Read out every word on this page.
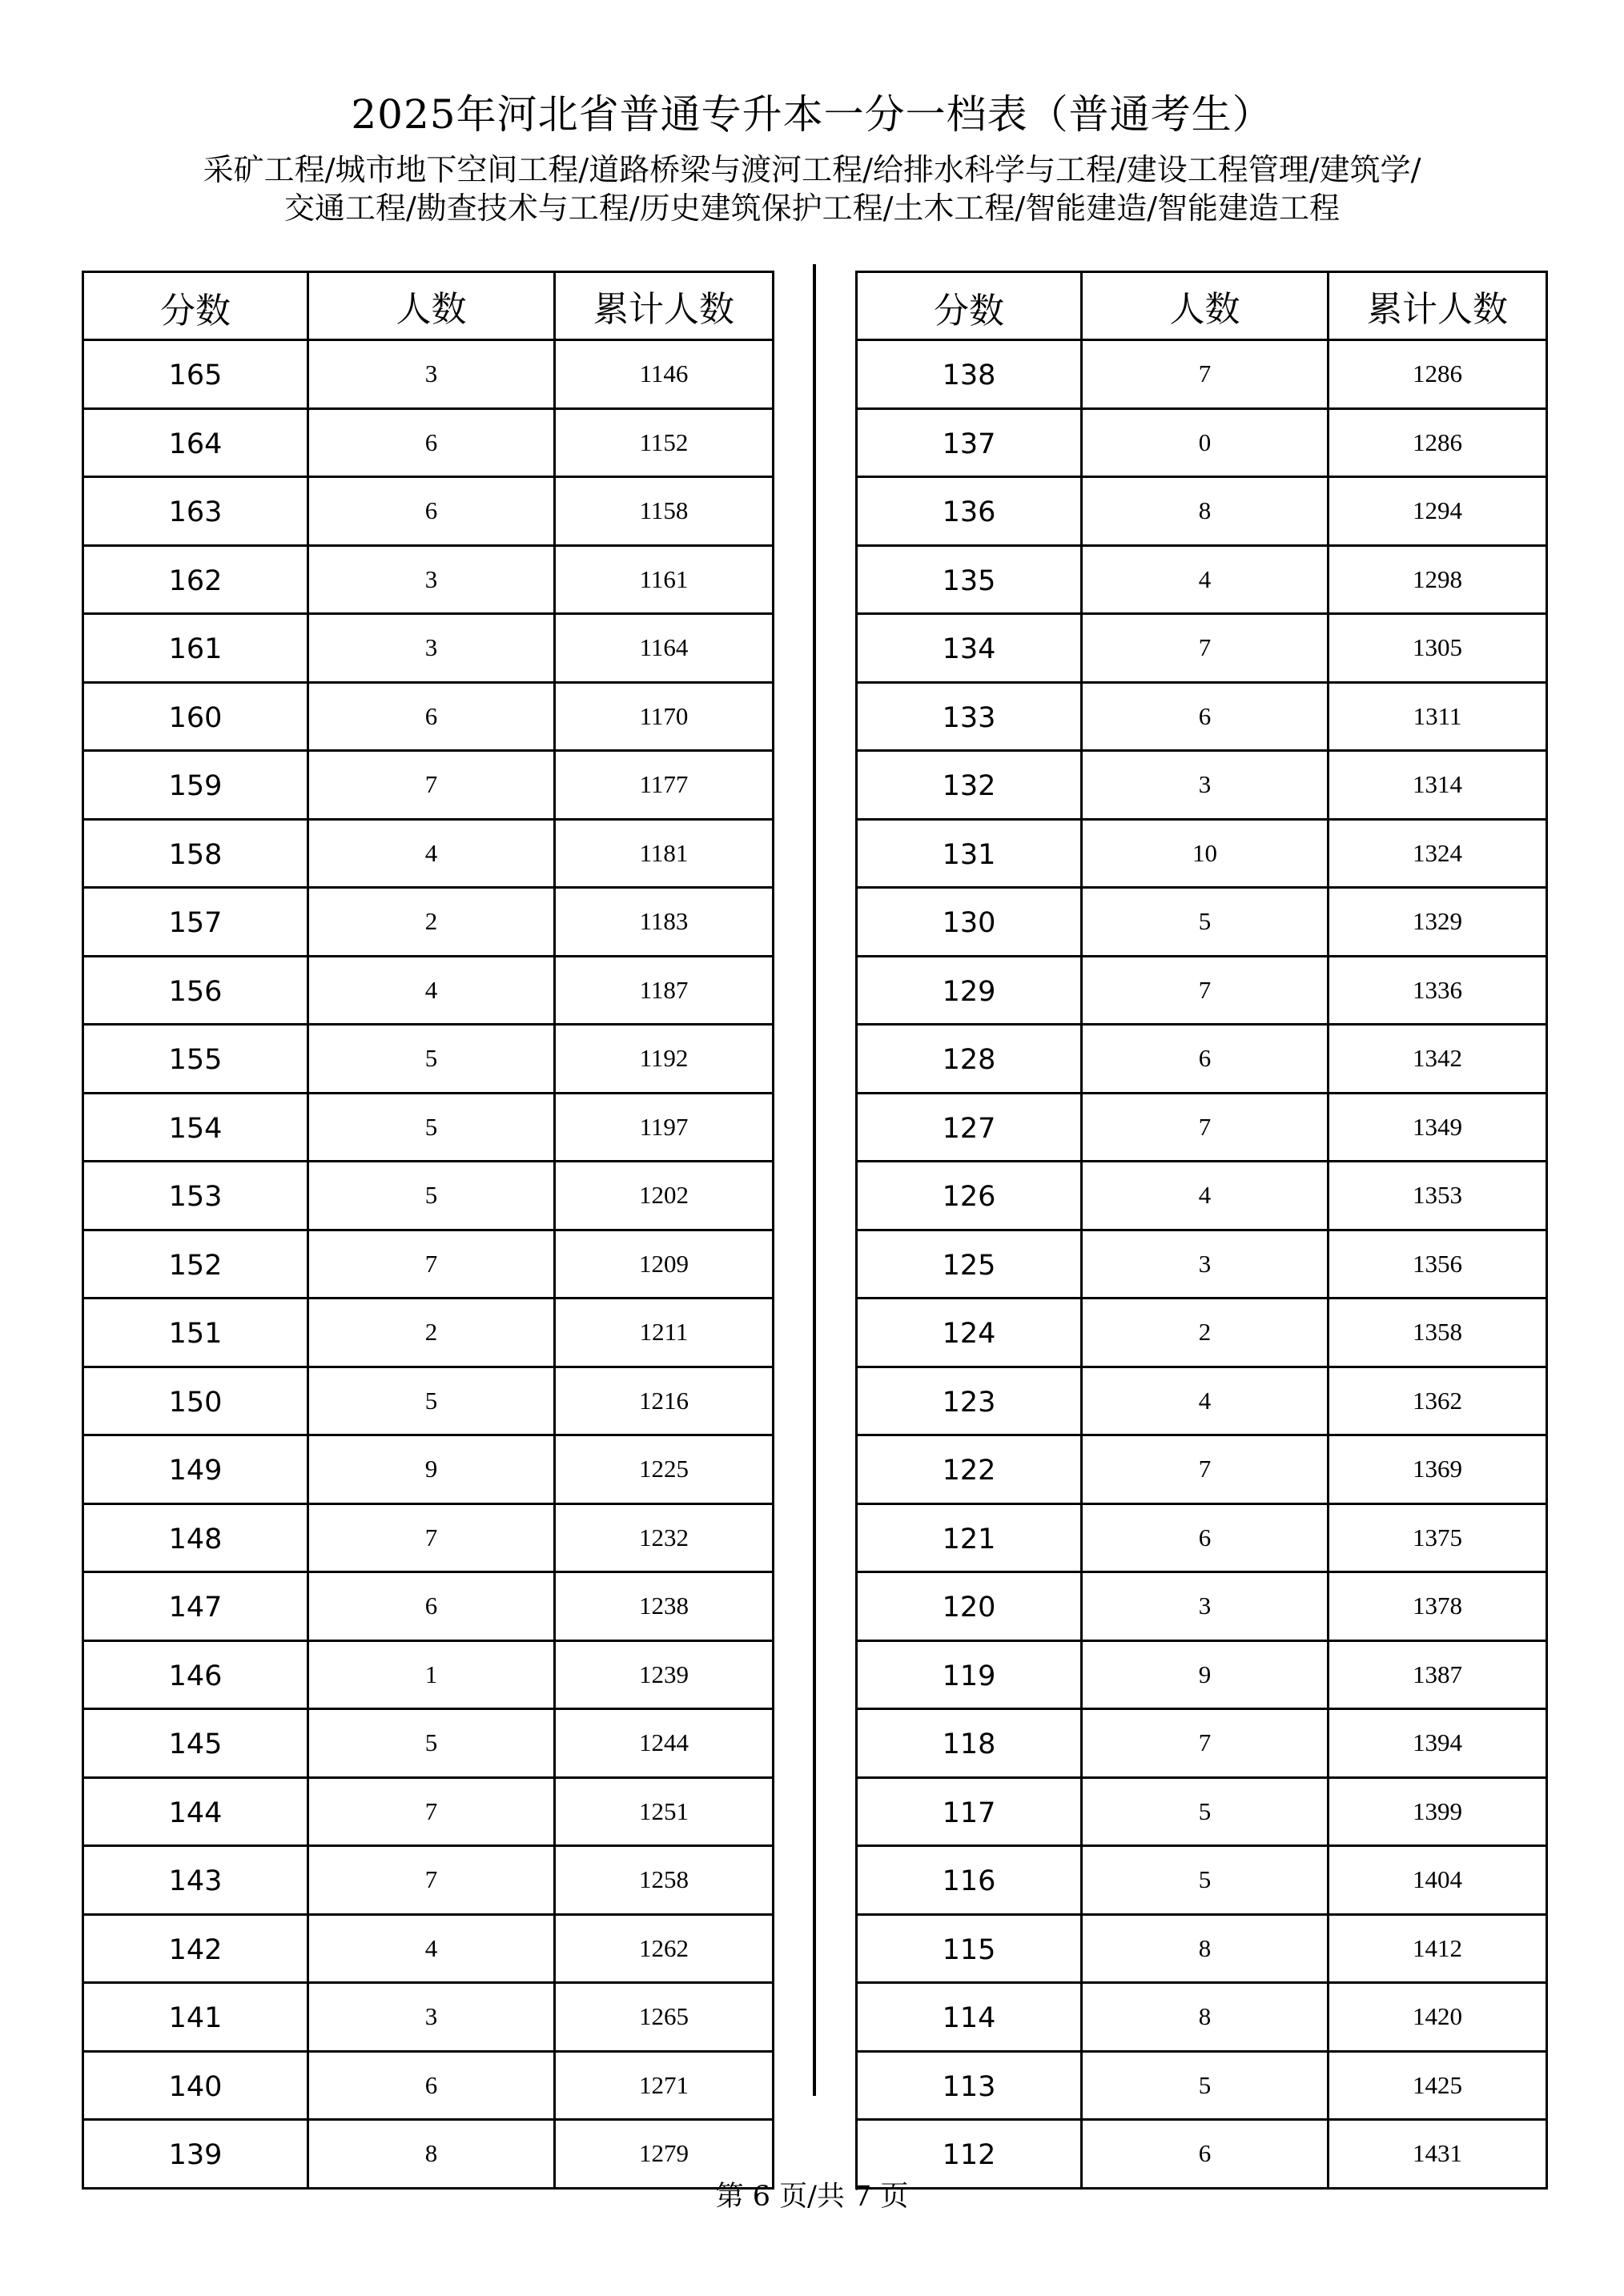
2025年河北省普通专升本一分一档表（普通考生）
采矿工程/城市地下空间工程/道路桥梁与渡河工程/给排水科学与工程/建设工程管理/建筑学/
交通工程/勘查技术与工程/历史建筑保护工程/土木工程/智能建造/智能建造工程
分数	人数	累计人数
165	3	1146
164	6	1152
163	6	1158
162	3	1161
161	3	1164
160	6	1170
159	7	1177
158	4	1181
157	2	1183
156	4	1187
155	5	1192
154	5	1197
153	5	1202
152	7	1209
151	2	1211
150	5	1216
149	9	1225
148	7	1232
147	6	1238
146	1	1239
145	5	1244
144	7	1251
143	7	1258
142	4	1262
141	3	1265
140	6	1271
139	8	1279
分数	人数	累计人数
138	7	1286
137	0	1286
136	8	1294
135	4	1298
134	7	1305
133	6	1311
132	3	1314
131	10	1324
130	5	1329
129	7	1336
128	6	1342
127	7	1349
126	4	1353
125	3	1356
124	2	1358
123	4	1362
122	7	1369
121	6	1375
120	3	1378
119	9	1387
118	7	1394
117	5	1399
116	5	1404
115	8	1412
114	8	1420
113	5	1425
112	6	1431
第 6 页/共 7 页
